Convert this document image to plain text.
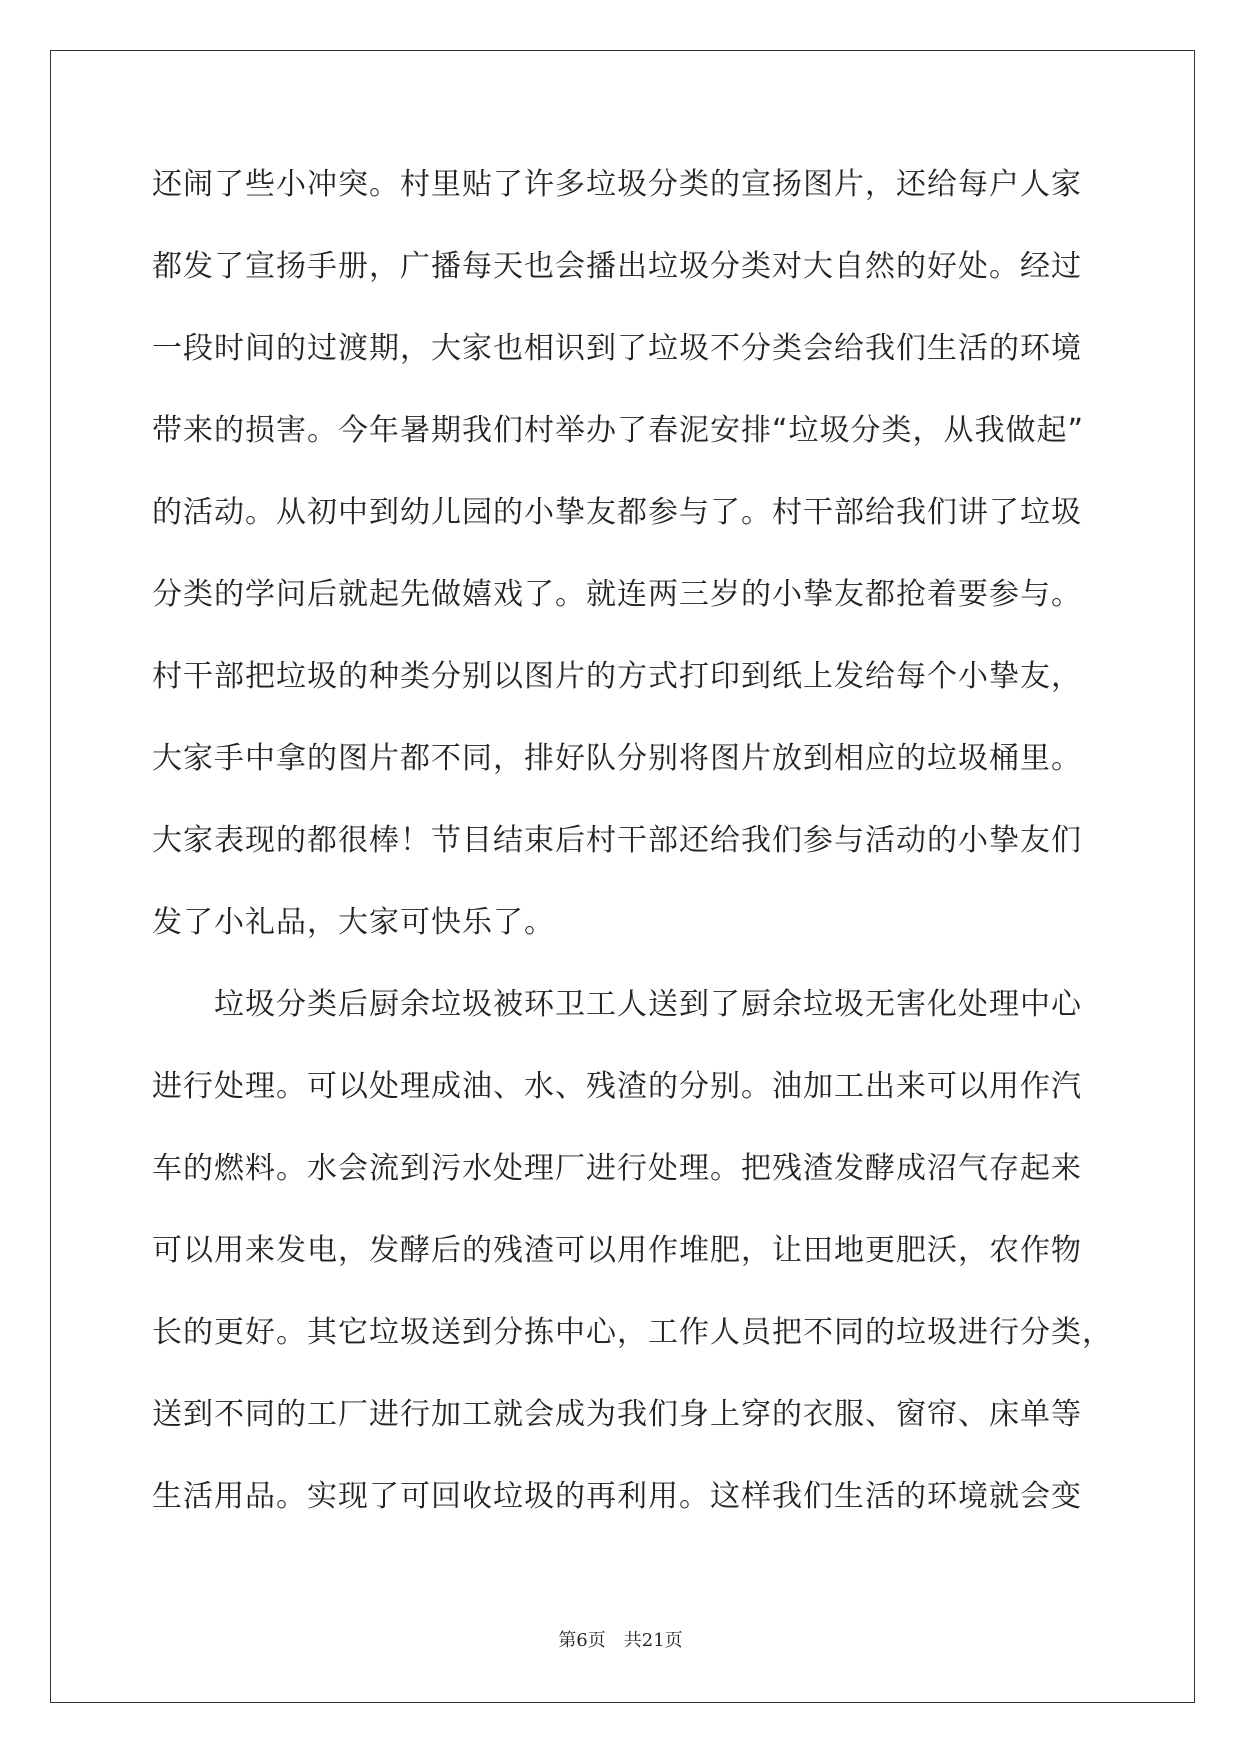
还闹了些小冲突。村里贴了许多垃圾分类的宣扬图片，还给每户人家
都发了宣扬手册，广播每天也会播出垃圾分类对大自然的好处。经过
一段时间的过渡期，大家也相识到了垃圾不分类会给我们生活的环境
带来的损害。今年暑期我们村举办了春泥安排“垃圾分类，从我做起”
的活动。从初中到幼儿园的小挚友都参与了。村干部给我们讲了垃圾
分类的学问后就起先做嬉戏了。就连两三岁的小挚友都抢着要参与。
村干部把垃圾的种类分别以图片的方式打印到纸上发给每个小挚友，
大家手中拿的图片都不同，排好队分别将图片放到相应的垃圾桶里。
大家表现的都很棒！节目结束后村干部还给我们参与活动的小挚友们
发了小礼品，大家可快乐了。
垃圾分类后厨余垃圾被环卫工人送到了厨余垃圾无害化处理中心
进行处理。可以处理成油、水、残渣的分别。油加工出来可以用作汽
车的燃料。水会流到污水处理厂进行处理。把残渣发酵成沼气存起来
可以用来发电，发酵后的残渣可以用作堆肥，让田地更肥沃，农作物
长的更好。其它垃圾送到分拣中心，工作人员把不同的垃圾进行分类，
送到不同的工厂进行加工就会成为我们身上穿的衣服、窗帘、床单等
生活用品。实现了可回收垃圾的再利用。这样我们生活的环境就会变
第6页 共21页
